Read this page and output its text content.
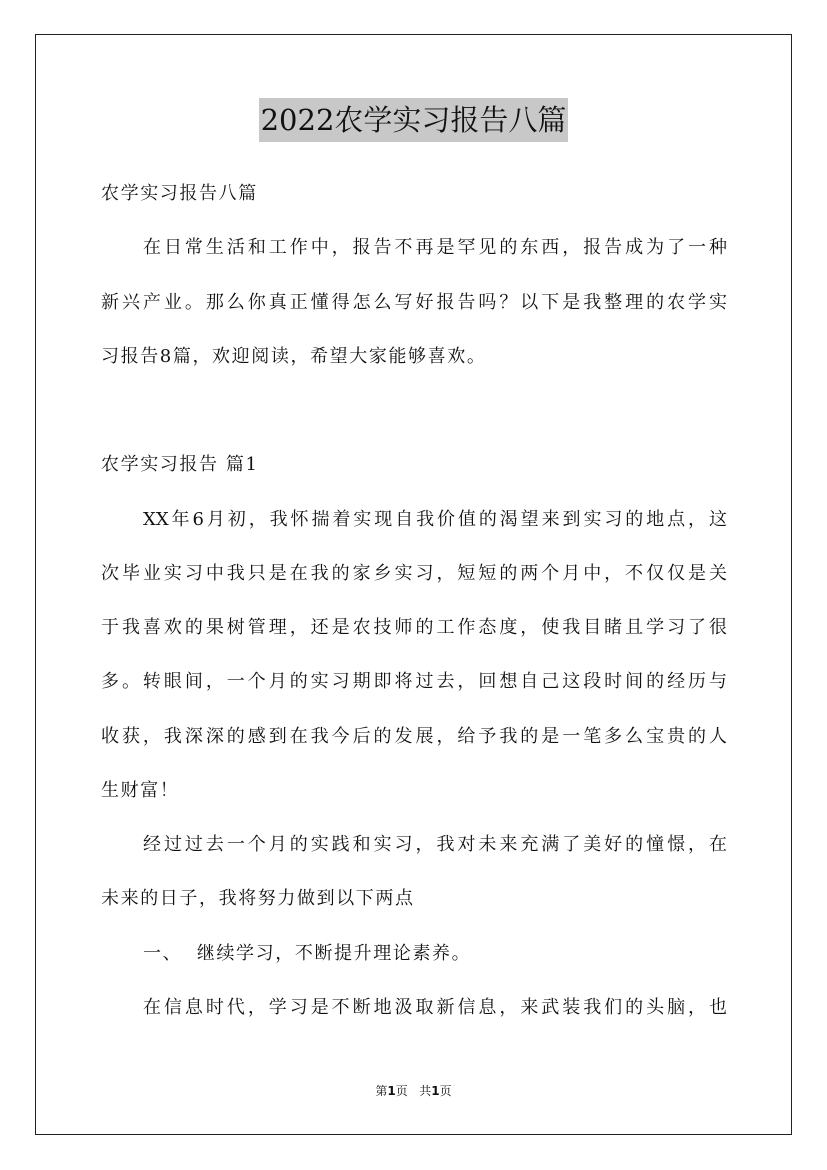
2022农学实习报告八篇
农学实习报告八篇
在日常生活和工作中，报告不再是罕见的东西，报告成为了一种
新兴产业。那么你真正懂得怎么写好报告吗？以下是我整理的农学实
习报告8篇，欢迎阅读，希望大家能够喜欢。
农学实习报告 篇1
XX年6月初，我怀揣着实现自我价值的渴望来到实习的地点，这
次毕业实习中我只是在我的家乡实习，短短的两个月中，不仅仅是关
于我喜欢的果树管理，还是农技师的工作态度，使我目睹且学习了很
多。转眼间，一个月的实习期即将过去，回想自己这段时间的经历与
收获，我深深的感到在我今后的发展，给予我的是一笔多么宝贵的人
生财富！
经过过去一个月的实践和实习，我对未来充满了美好的憧憬，在
未来的日子，我将努力做到以下两点
一、  继续学习，不断提升理论素养。
在信息时代，学习是不断地汲取新信息，来武装我们的头脑，也
第1页 共1页
